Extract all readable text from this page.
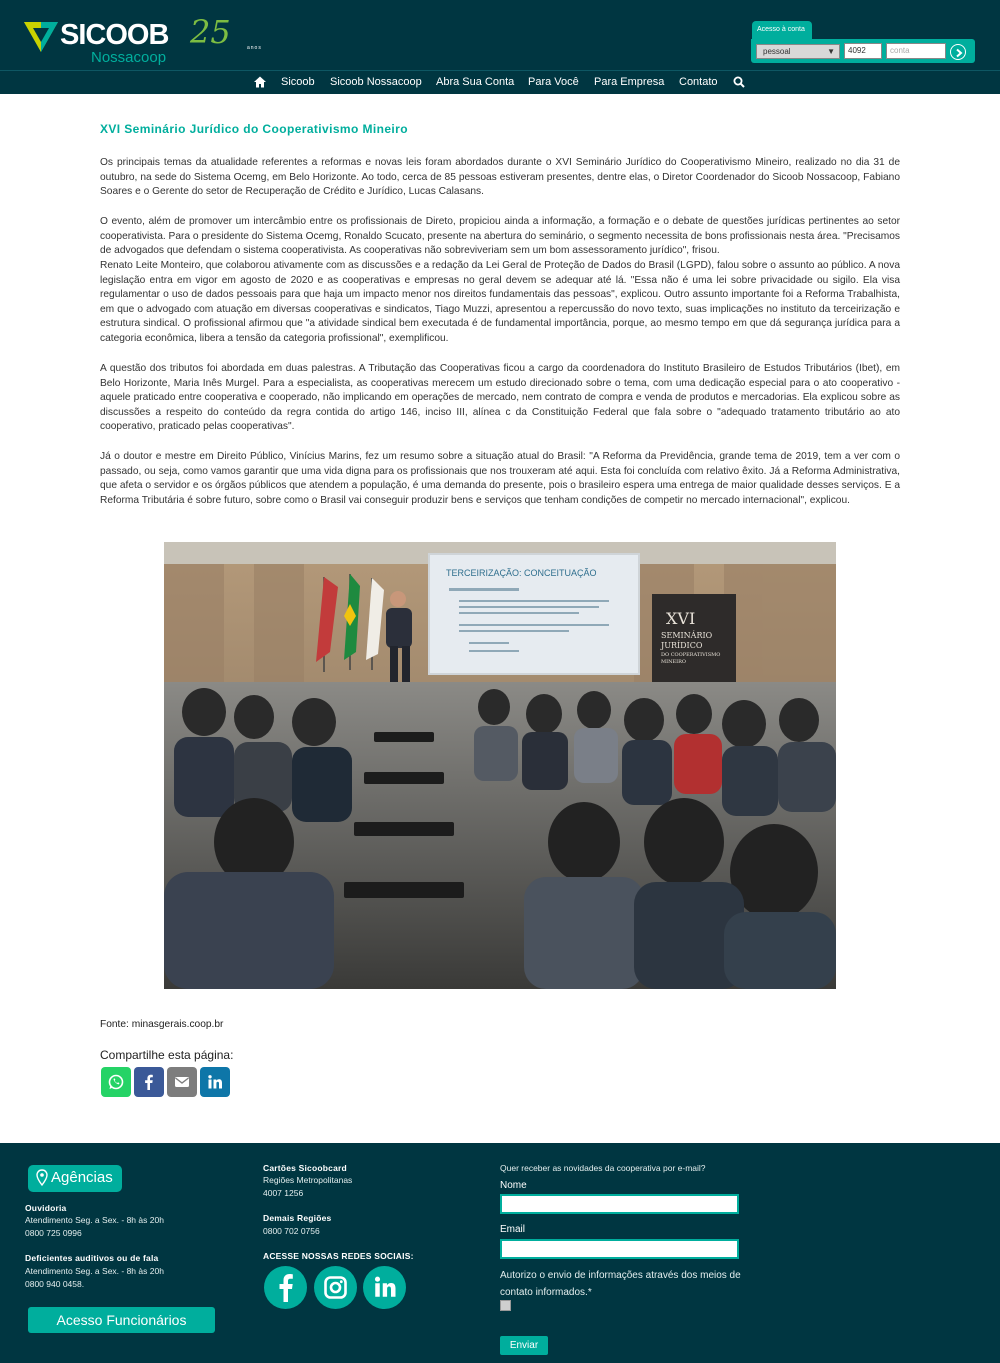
SICOOB
Nossacoop
25	anos
Acesso à conta
pessoal	▼	4092	conta
Sicoob Sicoob Nossacoop Abra Sua Conta Para Você Para Empresa Contato
XVI Seminário Jurídico do Cooperativismo Mineiro

Os principais temas da atualidade referentes a reformas e novas leis foram abordados durante o XVI Seminário Jurídico do Cooperativismo Mineiro, realizado no dia 31 de outubro, na sede do Sistema Ocemg, em Belo Horizonte. Ao todo, cerca de 85 pessoas estiveram presentes, dentre elas, o Diretor Coordenador do Sicoob Nossacoop, Fabiano Soares e o Gerente do setor de Recuperação de Crédito e Jurídico, Lucas Calasans.

O evento, além de promover um intercâmbio entre os profissionais de Direto, propiciou ainda a informação, a formação e o debate de questões jurídicas pertinentes ao setor cooperativista. Para o presidente do Sistema Ocemg, Ronaldo Scucato, presente na abertura do seminário, o segmento necessita de bons profissionais nesta área. "Precisamos de advogados que defendam o sistema cooperativista. As cooperativas não sobreviveriam sem um bom assessoramento jurídico", frisou.

Renato Leite Monteiro, que colaborou ativamente com as discussões e a redação da Lei Geral de Proteção de Dados do Brasil (LGPD), falou sobre o assunto ao público. A nova legislação entra em vigor em agosto de 2020 e as cooperativas e empresas no geral devem se adequar até lá. "Essa não é uma lei sobre privacidade ou sigilo. Ela visa regulamentar o uso de dados pessoais para que haja um impacto menor nos direitos fundamentais das pessoas", explicou. Outro assunto importante foi a Reforma Trabalhista, em que o advogado com atuação em diversas cooperativas e sindicatos, Tiago Muzzi, apresentou a repercussão do novo texto, suas implicações no instituto da terceirização e estrutura sindical. O profissional afirmou que "a atividade sindical bem executada é de fundamental importância, porque, ao mesmo tempo em que dá segurança jurídica para a categoria econômica, libera a tensão da categoria profissional", exemplificou.

A questão dos tributos foi abordada em duas palestras. A Tributação das Cooperativas ficou a cargo da coordenadora do Instituto Brasileiro de Estudos Tributários (Ibet), em Belo Horizonte, Maria Inês Murgel. Para a especialista, as cooperativas merecem um estudo direcionado sobre o tema, com uma dedicação especial para o ato cooperativo - aquele praticado entre cooperativa e cooperado, não implicando em operações de mercado, nem contrato de compra e venda de produtos e mercadorias. Ela explicou sobre as discussões a respeito do conteúdo da regra contida do artigo 146, inciso III, alínea c da Constituição Federal que fala sobre o "adequado tratamento tributário ao ato cooperativo, praticado pelas cooperativas".

Já o doutor e mestre em Direito Público, Vinícius Marins, fez um resumo sobre a situação atual do Brasil: "A Reforma da Previdência, grande tema de 2019, tem a ver com o passado, ou seja, como vamos garantir que uma vida digna para os profissionais que nos trouxeram até aqui. Esta foi concluída com relativo êxito. Já a Reforma Administrativa, que afeta o servidor e os órgãos públicos que atendem a população, é uma demanda do presente, pois o brasileiro espera uma entrega de maior qualidade desses serviços. E a Reforma Tributária é sobre futuro, sobre como o Brasil vai conseguir produzir bens e serviços que tenham condições de competir no mercado internacional", explicou.

TERCEIRIZAÇÃO: CONCEITUAÇÃO
XVI
SEMINÁRIO
JURÍDICO
DO COOPERATIVISMO
MINEIRO

Fonte: minasgerais.coop.br

Compartilhe esta página:

Agências
Ouvidoria
Atendimento Seg. a Sex. - 8h às 20h
0800 725 0996
Deficientes auditivos ou de fala
Atendimento Seg. a Sex. - 8h às 20h
0800 940 0458.
Acesso Funcionários
Cartões Sicoobcard
Regiões Metropolitanas
4007 1256
Demais Regiões
0800 702 0756
ACESSE NOSSAS REDES SOCIAIS:
Quer receber as novidades da cooperativa por e-mail?
Nome
Email

Autorizo o envio de informações através dos meios de contato informados.*

Enviar
